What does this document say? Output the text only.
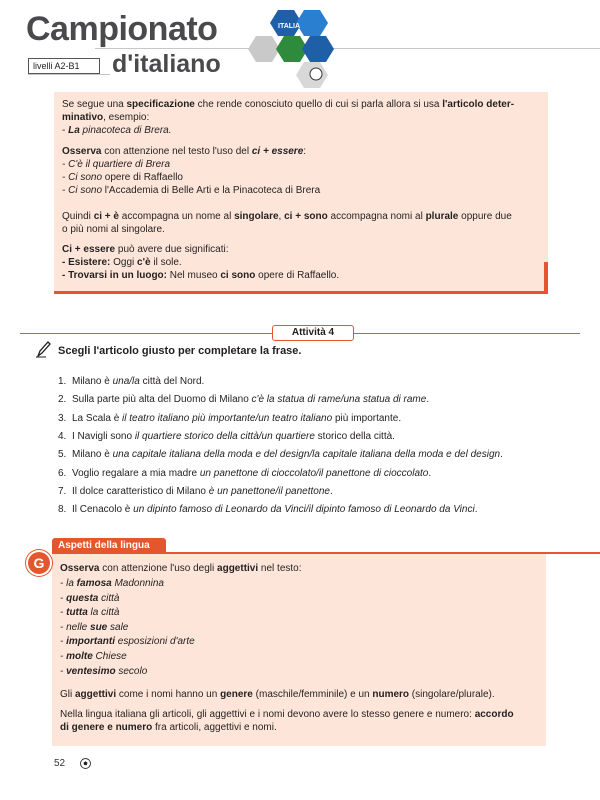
Campionato
d'italiano
livelli A2-B1
ITALIA
Se segue una specificazione che rende conosciuto quello di cui si parla allora si usa l'articolo deter-
minativo, esempio:
- La pinacoteca di Brera.
Osserva con attenzione nel testo l'uso del ci + essere:
- C'è il quartiere di Brera
- Ci sono opere di Raffaello
- Ci sono l'Accademia di Belle Arti e la Pinacoteca di Brera
Quindi ci + è accompagna un nome al singolare, ci + sono accompagna nomi al plurale oppure due
o più nomi al singolare.
Ci + essere può avere due significati:
- Esistere: Oggi c'è il sole.
- Trovarsi in un luogo: Nel museo ci sono opere di Raffaello.
Attività 4
Scegli l'articolo giusto per completare la frase.
1. Milano è una/la città del Nord.
2. Sulla parte più alta del Duomo di Milano c'è la statua di rame/una statua di rame.
3. La Scala è il teatro italiano più importante/un teatro italiano più importante.
4. I Navigli sono il quartiere storico della città/un quartiere storico della città.
5. Milano è una capitale italiana della moda e del design/la capitale italiana della moda e del design.
6. Voglio regalare a mia madre un panettone di cioccolato/il panettone di cioccolato.
7. Il dolce caratteristico di Milano è un panettone/il panettone.
8. Il Cenacolo è un dipinto famoso di Leonardo da Vinci/il dipinto famoso di Leonardo da Vinci.
Aspetti della lingua
G	Osserva con attenzione l'uso degli aggettivi nel testo:
- la famosa Madonnina
- questa città
- tutta la città
- nelle sue sale
- importanti esposizioni d'arte
- molte Chiese
- ventesimo secolo
Gli aggettivi come i nomi hanno un genere (maschile/femminile) e un numero (singolare/plurale).
Nella lingua italiana gli articoli, gli aggettivi e i nomi devono avere lo stesso genere e numero: accordo
di genere e numero fra articoli, aggettivi e nomi.
52
